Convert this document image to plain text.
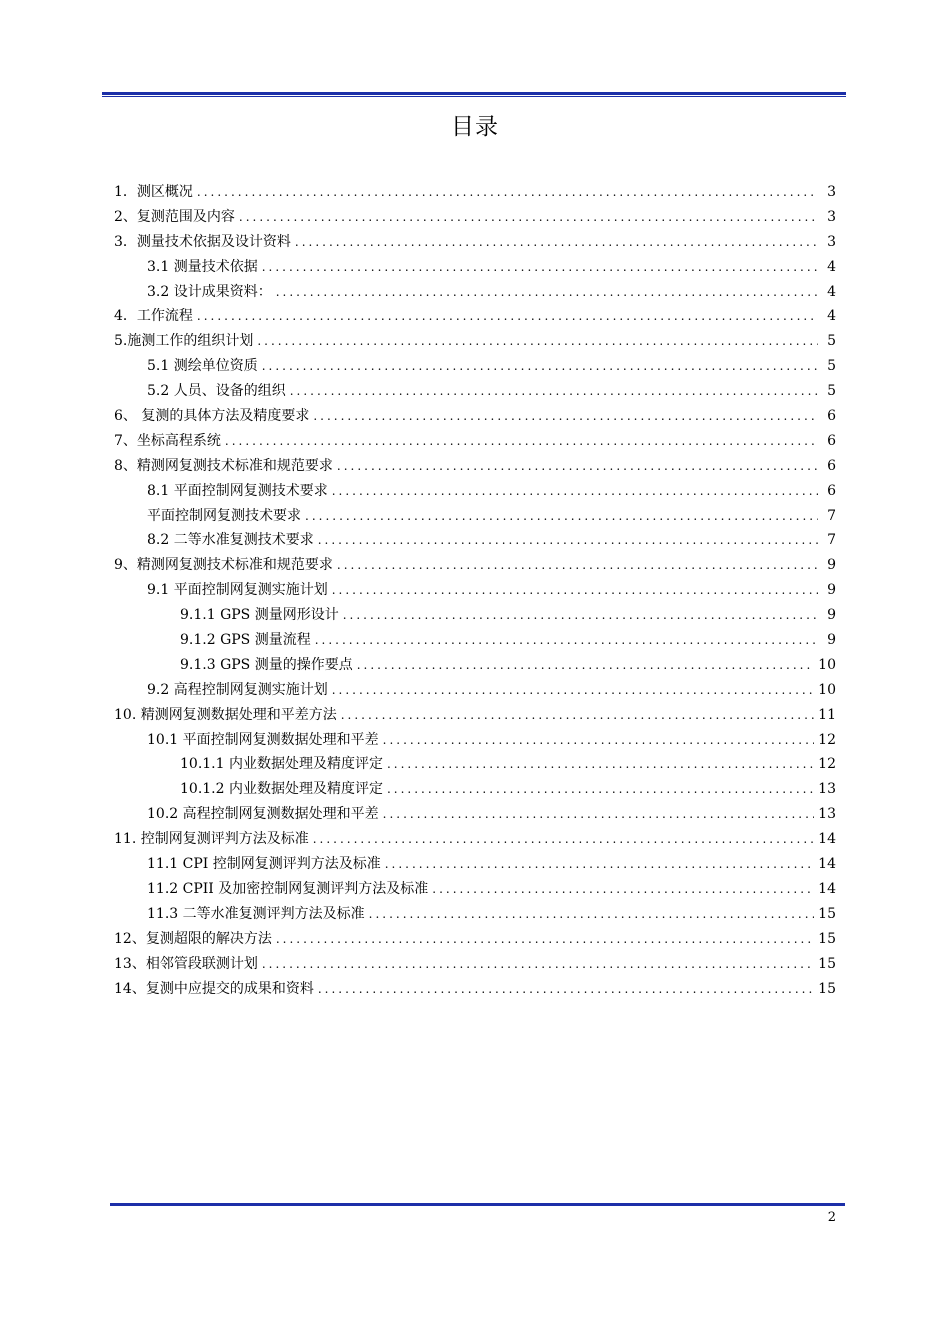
目录
1．测区概况 .....	3
2、复测范围及内容 .....	3
3．测量技术依据及设计资料 .....	3
3.1 测量技术依据 .....	4
3.2 设计成果资料： .....	4
4．工作流程 .....	4
5.施测工作的组织计划 .....	5
5.1 测绘单位资质 .....	5
5.2 人员、设备的组织 .....	5
6、 复测的具体方法及精度要求 .....	6
7、坐标高程系统 .....	6
8、精测网复测技术标准和规范要求 .....	6
8.1 平面控制网复测技术要求 .....	6
平面控制网复测技术要求 .....	7
8.2 二等水准复测技术要求 .....	7
9、精测网复测技术标准和规范要求 .....	9
9.1 平面控制网复测实施计划 .....	9
9.1.1 GPS 测量网形设计 .....	9
9.1.2 GPS 测量流程 .....	9
9.1.3 GPS 测量的操作要点 .....	10
9.2 高程控制网复测实施计划 .....	10
10. 精测网复测数据处理和平差方法 .....	11
10.1 平面控制网复测数据处理和平差 .....	12
10.1.1 内业数据处理及精度评定 .....	12
10.1.2 内业数据处理及精度评定 .....	13
10.2 高程控制网复测数据处理和平差 .....	13
11. 控制网复测评判方法及标准 .....	14
11.1 CPI 控制网复测评判方法及标准 .....	14
11.2 CPII 及加密控制网复测评判方法及标准 .....	14
11.3 二等水准复测评判方法及标准 .....	15
12、复测超限的解决方法 .....	15
13、相邻管段联测计划 .....	15
14、复测中应提交的成果和资料 .....	15
2
